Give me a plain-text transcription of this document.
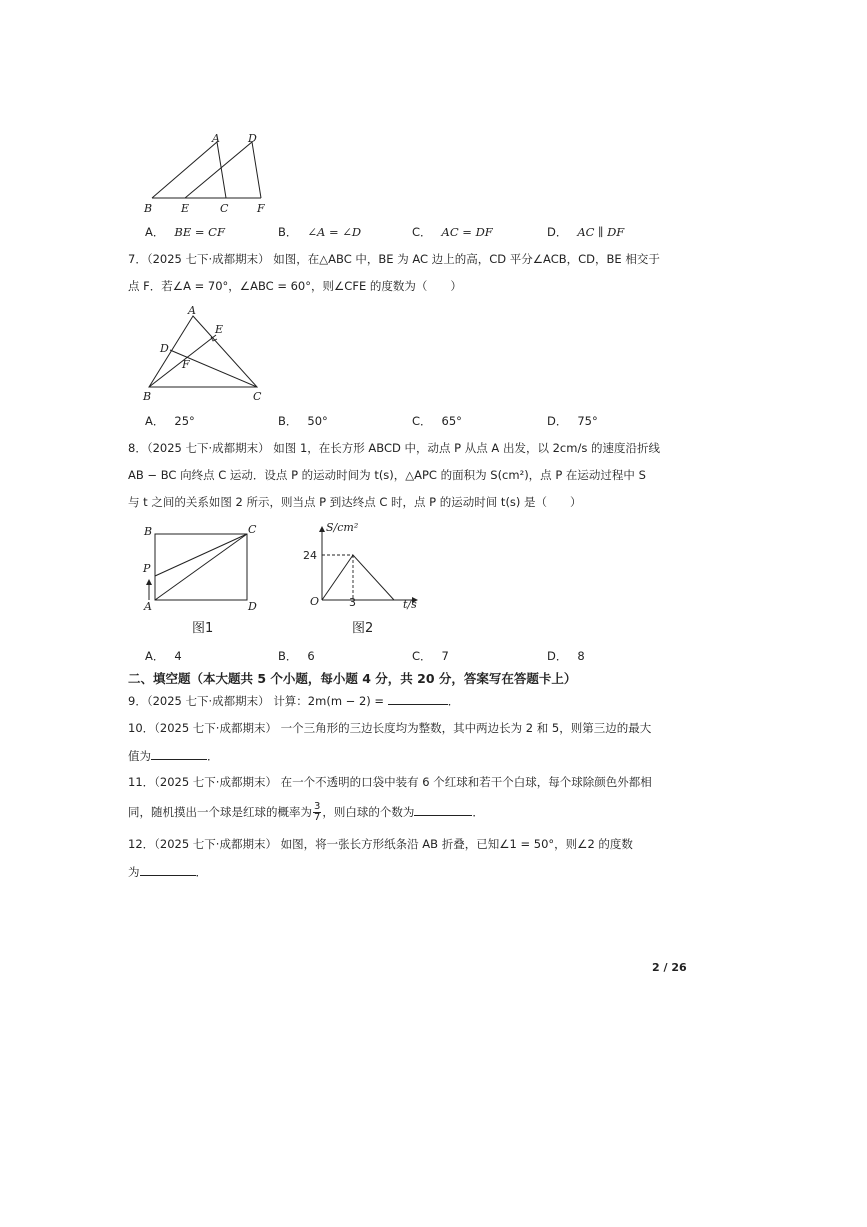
A	D
B	E	C	F
A． BE = CF	B． ∠A = ∠D	C． AC = DF	D． AC ∥ DF
7．（2025 七下·成都期末） 如图，在△ABC 中，BE 为 AC 边上的高，CD 平分∠ACB，CD，BE 相交于
点 F．若∠A = 70°，∠ABC = 60°，则∠CFE 的度数为（　　）
A
E
D
F
B	C
A． 25°	B． 50°	C． 65°	D． 75°
8．（2025 七下·成都期末） 如图 1，在长方形 ABCD 中，动点 P 从点 A 出发，以 2cm/s 的速度沿折线
AB − BC 向终点 C 运动．设点 P 的运动时间为 t(s)，△APC 的面积为 S(cm²)，点 P 在运动过程中 S
与 t 之间的关系如图 2 所示，则当点 P 到达终点 C 时，点 P 的运动时间 t(s) 是（　　）
B	C
P
A	D
图1
S/cm²
24
O	3	t/s
图2
A． 4	B． 6	C． 7	D． 8
二、填空题（本大题共 5 个小题，每小题 4 分，共 20 分，答案写在答题卡上）
9．（2025 七下·成都期末） 计算：2m(m − 2) =	．
10．（2025 七下·成都期末） 一个三角形的三边长度均为整数，其中两边长为 2 和 5，则第三边的最大
值为	．
11．（2025 七下·成都期末） 在一个不透明的口袋中装有 6 个红球和若干个白球，每个球除颜色外都相
同，随机摸出一个球是红球的概率为 $\frac{3}{7}$ ，则白球的个数为	．
12．（2025 七下·成都期末） 如图，将一张长方形纸条沿 AB 折叠，已知∠1 = 50°，则∠2 的度数
为	．
2 / 26
